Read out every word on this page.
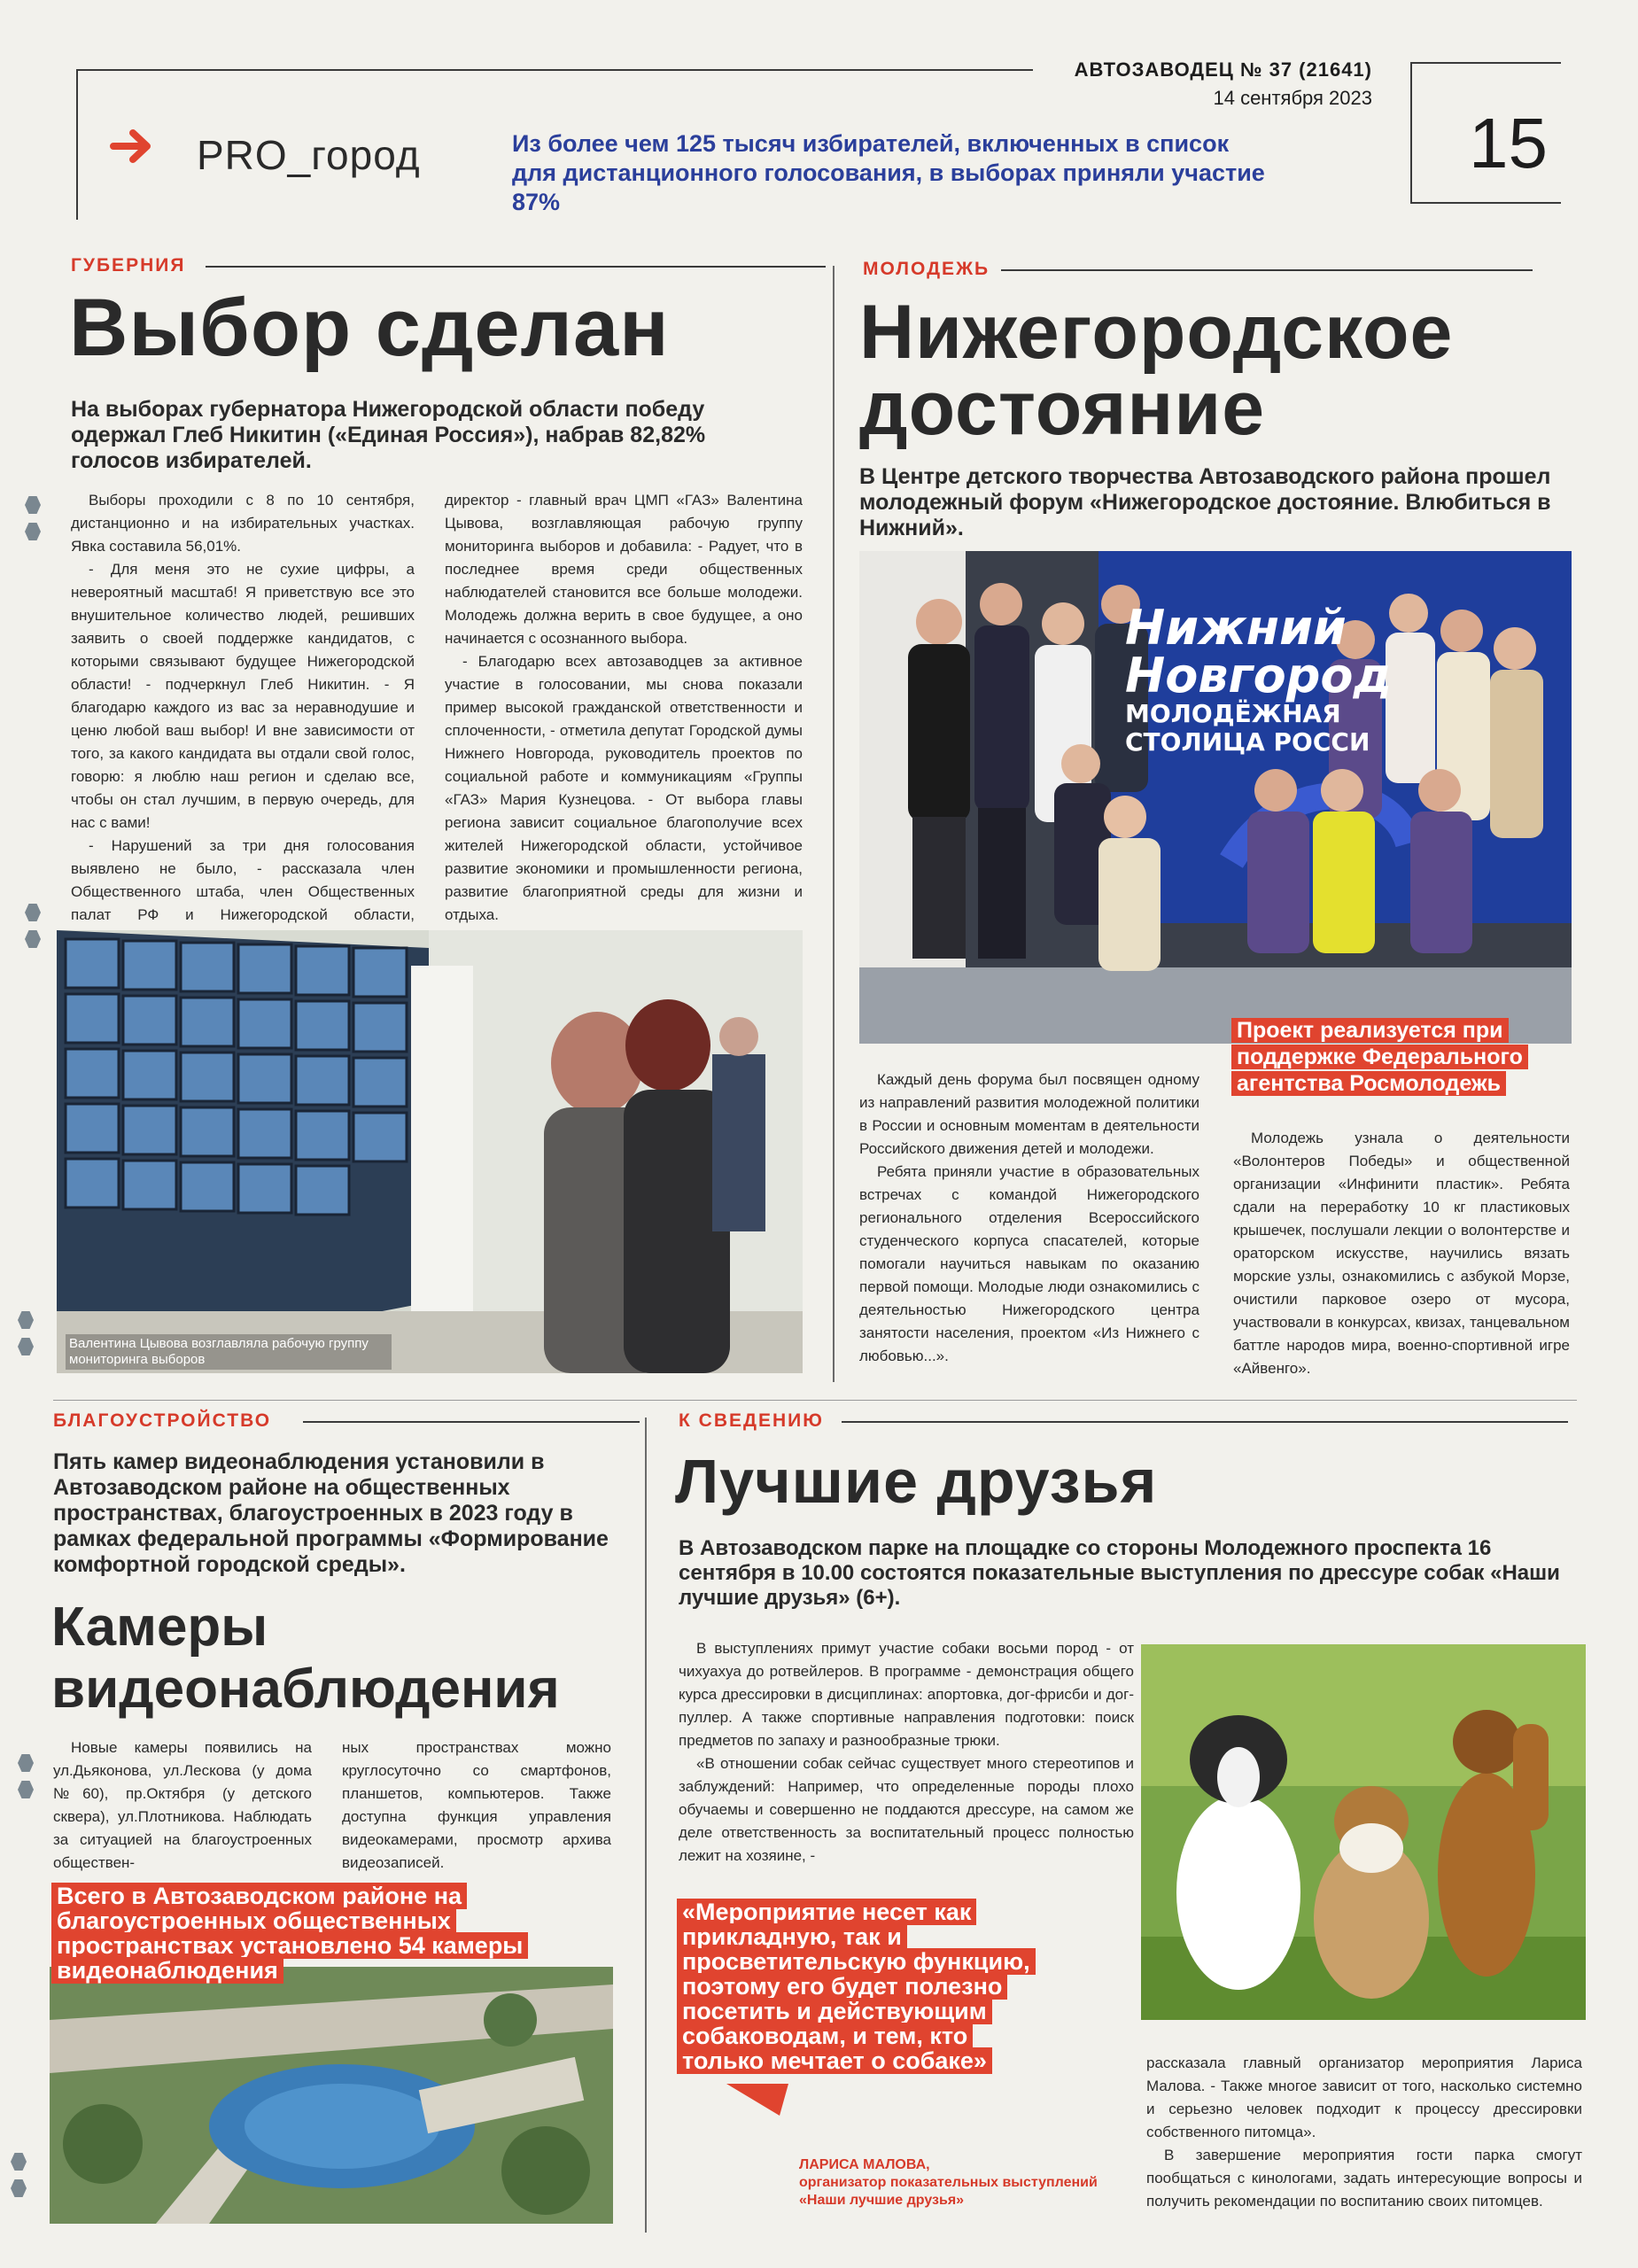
АВТОЗАВОДЕЦ № 37 (21641)
14 сентября 2023
15
PRO_город	Из более чем 125 тысяч избирателей, включенных в список для дистанционного голосования, в выборах приняли участие 87%
ГУБЕРНИЯ
Выбор сделан
На выборах губернатора Нижегородской области победу одержал Глеб Никитин («Единая Россия»), набрав 82,82% голосов избирателей.

Выборы проходили с 8 по 10 сентября, дистанционно и на избирательных участках. Явка составила 56,01%.

- Для меня это не сухие цифры, а невероятный масштаб! Я приветствую все это внушительное количество людей, решивших заявить о своей поддержке кандидатов, с которыми связывают будущее Нижегородской области! - подчеркнул Глеб Никитин. - Я благодарю каждого из вас за неравнодушие и ценю любой ваш выбор! И вне зависимости от того, за какого кандидата вы отдали свой голос, говорю: я люблю наш регион и сделаю все, чтобы он стал лучшим, в первую очередь, для нас с вами!

- Нарушений за три дня голосования выявлено не было, - рассказала член Общественного штаба, член Общественных палат РФ и Нижегородской области,

директор - главный врач ЦМП «ГАЗ» Валентина Цывова, возглавляющая рабочую группу мониторинга выборов и добавила: - Радует, что в последнее время среди общественных наблюдателей становится все больше молодежи. Молодежь должна верить в свое будущее, а оно начинается с осознанного выбора.

- Благодарю всех автозаводцев за активное участие в голосовании, мы снова показали пример высокой гражданской ответственности и сплоченности, - отметила депутат Городской думы Нижнего Новгорода, руководитель проектов по социальной работе и коммуникациям «Группы «ГАЗ» Мария Кузнецова. - От выбора главы региона зависит социальное благополучие всех жителей Нижегородской области, устойчивое развитие экономики и промышленности региона, развитие благоприятной среды для жизни и отдыха.

Валентина Цывова возглавляла рабочую группу мониторинга выборов
МОЛОДЕЖЬ
Нижегородское
достояние
В Центре детского творчества Автозаводского района прошел молодежный форум «Нижегородское достояние. Влюбиться в Нижний».
Нижний
Новгород
МОЛОДЁЖНАЯ
СТОЛИЦА РОССИ
Проект реализуется при поддержке Федерального агентства Росмолодежь

Каждый день форума был посвящен одному из направлений развития молодежной политики в России и основным моментам в деятельности Российского движения детей и молодежи.

Ребята приняли участие в образовательных встречах с командой Нижегородского регионального отделения Всероссийского студенческого корпуса спасателей, которые помогали научиться навыкам по оказанию первой помощи. Молодые люди ознакомились с деятельностью Нижегородского центра занятости населения, проектом «Из Нижнего с любовью...».

Молодежь узнала о деятельности «Волонтеров Победы» и общественной организации «Инфинити пластик». Ребята сдали на переработку 10 кг пластиковых крышечек, послушали лекции о волонтерстве и ораторском искусстве, научились вязать морские узлы, ознакомились с азбукой Морзе, очистили парковое озеро от мусора, участвовали в конкурсах, квизах, танцевальном баттле народов мира, военно-спортивной игре «Айвенго».

БЛАГОУСТРОЙСТВО
Пять камер видеонаблюдения установили в Автозаводском районе на общественных пространствах, благоустроенных в 2023 году в рамках федеральной программы «Формирование комфортной городской среды».
Камеры
видеонаблюдения

Новые камеры появились на ул.Дьяконова, ул.Лескова (у дома №60), пр.Октября (у детского сквера), ул.Плотникова. Наблюдать за ситуацией на благоустроенных обществен-

ных пространствах можно круглосуточно со смартфонов, планшетов, компьютеров. Также доступна функция управления видеокамерами, просмотр архива видеозаписей.

Всего в Автозаводском районе на благоустроенных общественных пространствах установлено 54 камеры видеонаблюдения
К СВЕДЕНИЮ
Лучшие друзья
В Автозаводском парке на площадке со стороны Молодежного проспекта 16 сентября в 10.00 состоятся показательные выступления по дрессуре собак «Наши лучшие друзья» (6+).

В выступлениях примут участие собаки восьми пород - от чихуахуа до ротвейлеров. В программе - демонстрация общего курса дрессировки в дисциплинах: апортовка, дог-фрисби и дог-пуллер. А также спортивные направления подготовки: поиск предметов по запаху и разнообразные трюки.

«В отношении собак сейчас существует много стереотипов и заблуждений: Например, что определенные породы плохо обучаемы и совершенно не поддаются дрессуре, на самом же деле ответственность за воспитательный процесс полностью лежит на хозяине, -

«Мероприятие несет как прикладную, так и просветительскую функцию, поэтому его будет полезно посетить и действующим собаководам, и тем, кто только мечтает о собаке»
ЛАРИСА МАЛОВА,
организатор показательных выступлений «Наши лучшие друзья»

рассказала главный организатор мероприятия Лариса Малова. - Также многое зависит от того, насколько системно и серьезно человек подходит к процессу дрессировки собственного питомца».

В завершение мероприятия гости парка смогут пообщаться с кинологами, задать интересующие вопросы и получить рекомендации по воспитанию своих питомцев.
